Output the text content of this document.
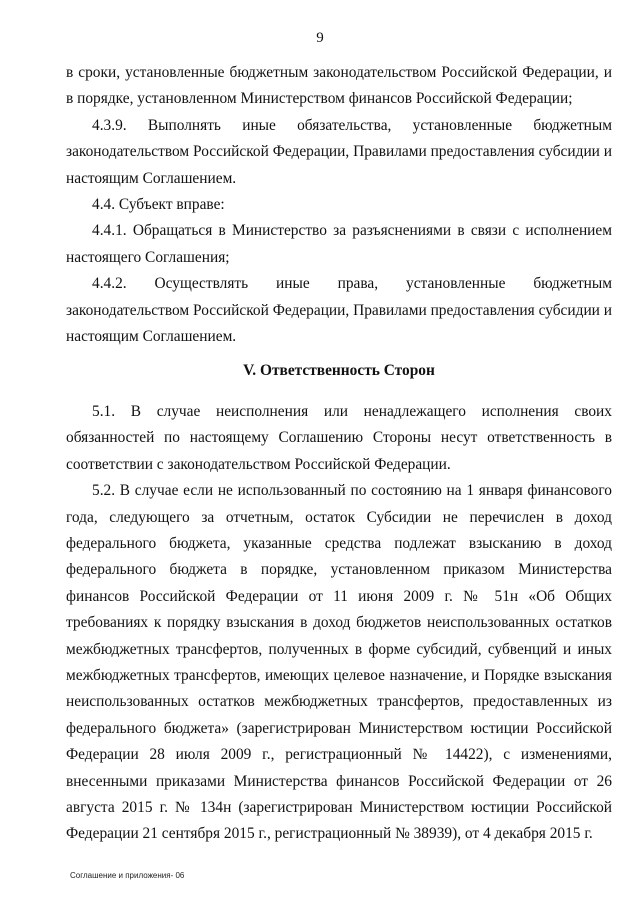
9

в сроки, установленные бюджетным законодательством Российской Федерации, и в порядке, установленном Министерством финансов Российской Федерации;

4.3.9. Выполнять иные обязательства, установленные бюджетным законодательством Российской Федерации, Правилами предоставления субсидии и настоящим Соглашением.

4.4. Субъект вправе:

4.4.1. Обращаться в Министерство за разъяснениями в связи с исполнением настоящего Соглашения;

4.4.2. Осуществлять иные права, установленные бюджетным законодательством Российской Федерации, Правилами предоставления субсидии и настоящим Соглашением.

V. Ответственность Сторон

5.1. В случае неисполнения или ненадлежащего исполнения своих обязанностей по настоящему Соглашению Стороны несут ответственность в соответствии с законодательством Российской Федерации.

5.2. В случае если не использованный по состоянию на 1 января финансового года, следующего за отчетным, остаток Субсидии не перечислен в доход федерального бюджета, указанные средства подлежат взысканию в доход федерального бюджета в порядке, установленном приказом Министерства финансов Российской Федерации от 11 июня 2009 г. № 51н «Об Общих требованиях к порядку взыскания в доход бюджетов неиспользованных остатков межбюджетных трансфертов, полученных в форме субсидий, субвенций и иных межбюджетных трансфертов, имеющих целевое назначение, и Порядке взыскания неиспользованных остатков межбюджетных трансфертов, предоставленных из федерального бюджета» (зарегистрирован Министерством юстиции Российской Федерации 28 июля 2009 г., регистрационный № 14422), с изменениями, внесенными приказами Министерства финансов Российской Федерации от 26 августа 2015 г. № 134н (зарегистрирован Министерством юстиции Российской Федерации 21 сентября 2015 г., регистрационный № 38939), от 4 декабря 2015 г.

Соглашение и приложения- 06
